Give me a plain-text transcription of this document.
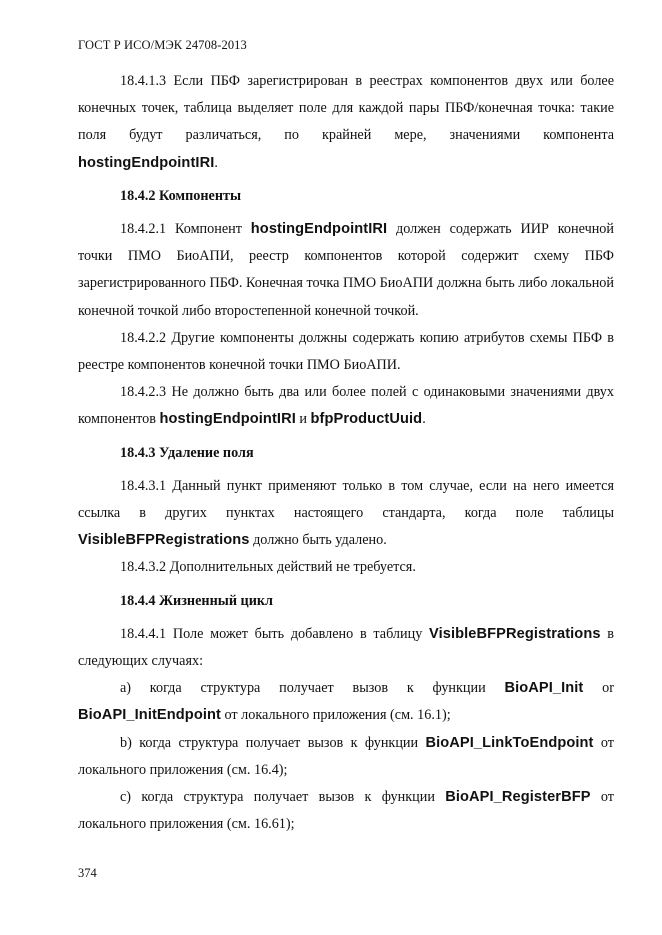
ГОСТ Р ИСО/МЭК 24708-2013

18.4.1.3 Если ПБФ зарегистрирован в реестрах компонентов двух или более конечных точек, таблица выделяет поле для каждой пары ПБФ/конечная точка: такие поля будут различаться, по крайней мере, значениями компонента hostingEndpointIRI.

18.4.2 Компоненты

18.4.2.1 Компонент hostingEndpointIRI должен содержать ИИР конечной точки ПМО БиоАПИ, реестр компонентов которой содержит схему ПБФ зарегистрированного ПБФ. Конечная точка ПМО БиоАПИ должна быть либо локальной конечной точкой либо второстепенной конечной точкой.

18.4.2.2 Другие компоненты должны содержать копию атрибутов схемы ПБФ в реестре компонентов конечной точки ПМО БиоАПИ.

18.4.2.3 Не должно быть два или более полей с одинаковыми значениями двух компонентов hostingEndpointIRI и bfpProductUuid.

18.4.3 Удаление поля

18.4.3.1 Данный пункт применяют только в том случае, если на него имеется ссылка в других пунктах настоящего стандарта, когда поле таблицы VisibleBFPRegistrations должно быть удалено.

18.4.3.2 Дополнительных действий не требуется.

18.4.4 Жизненный цикл

18.4.4.1 Поле может быть добавлено в таблицу VisibleBFPRegistrations в следующих случаях:

a) когда структура получает вызов к функции BioAPI_Init or BioAPI_InitEndpoint от локального приложения (см. 16.1);

b) когда структура получает вызов к функции BioAPI_LinkToEndpoint от локального приложения (см. 16.4);

c) когда структура получает вызов к функции BioAPI_RegisterBFP от локального приложения (см. 16.61);

374
